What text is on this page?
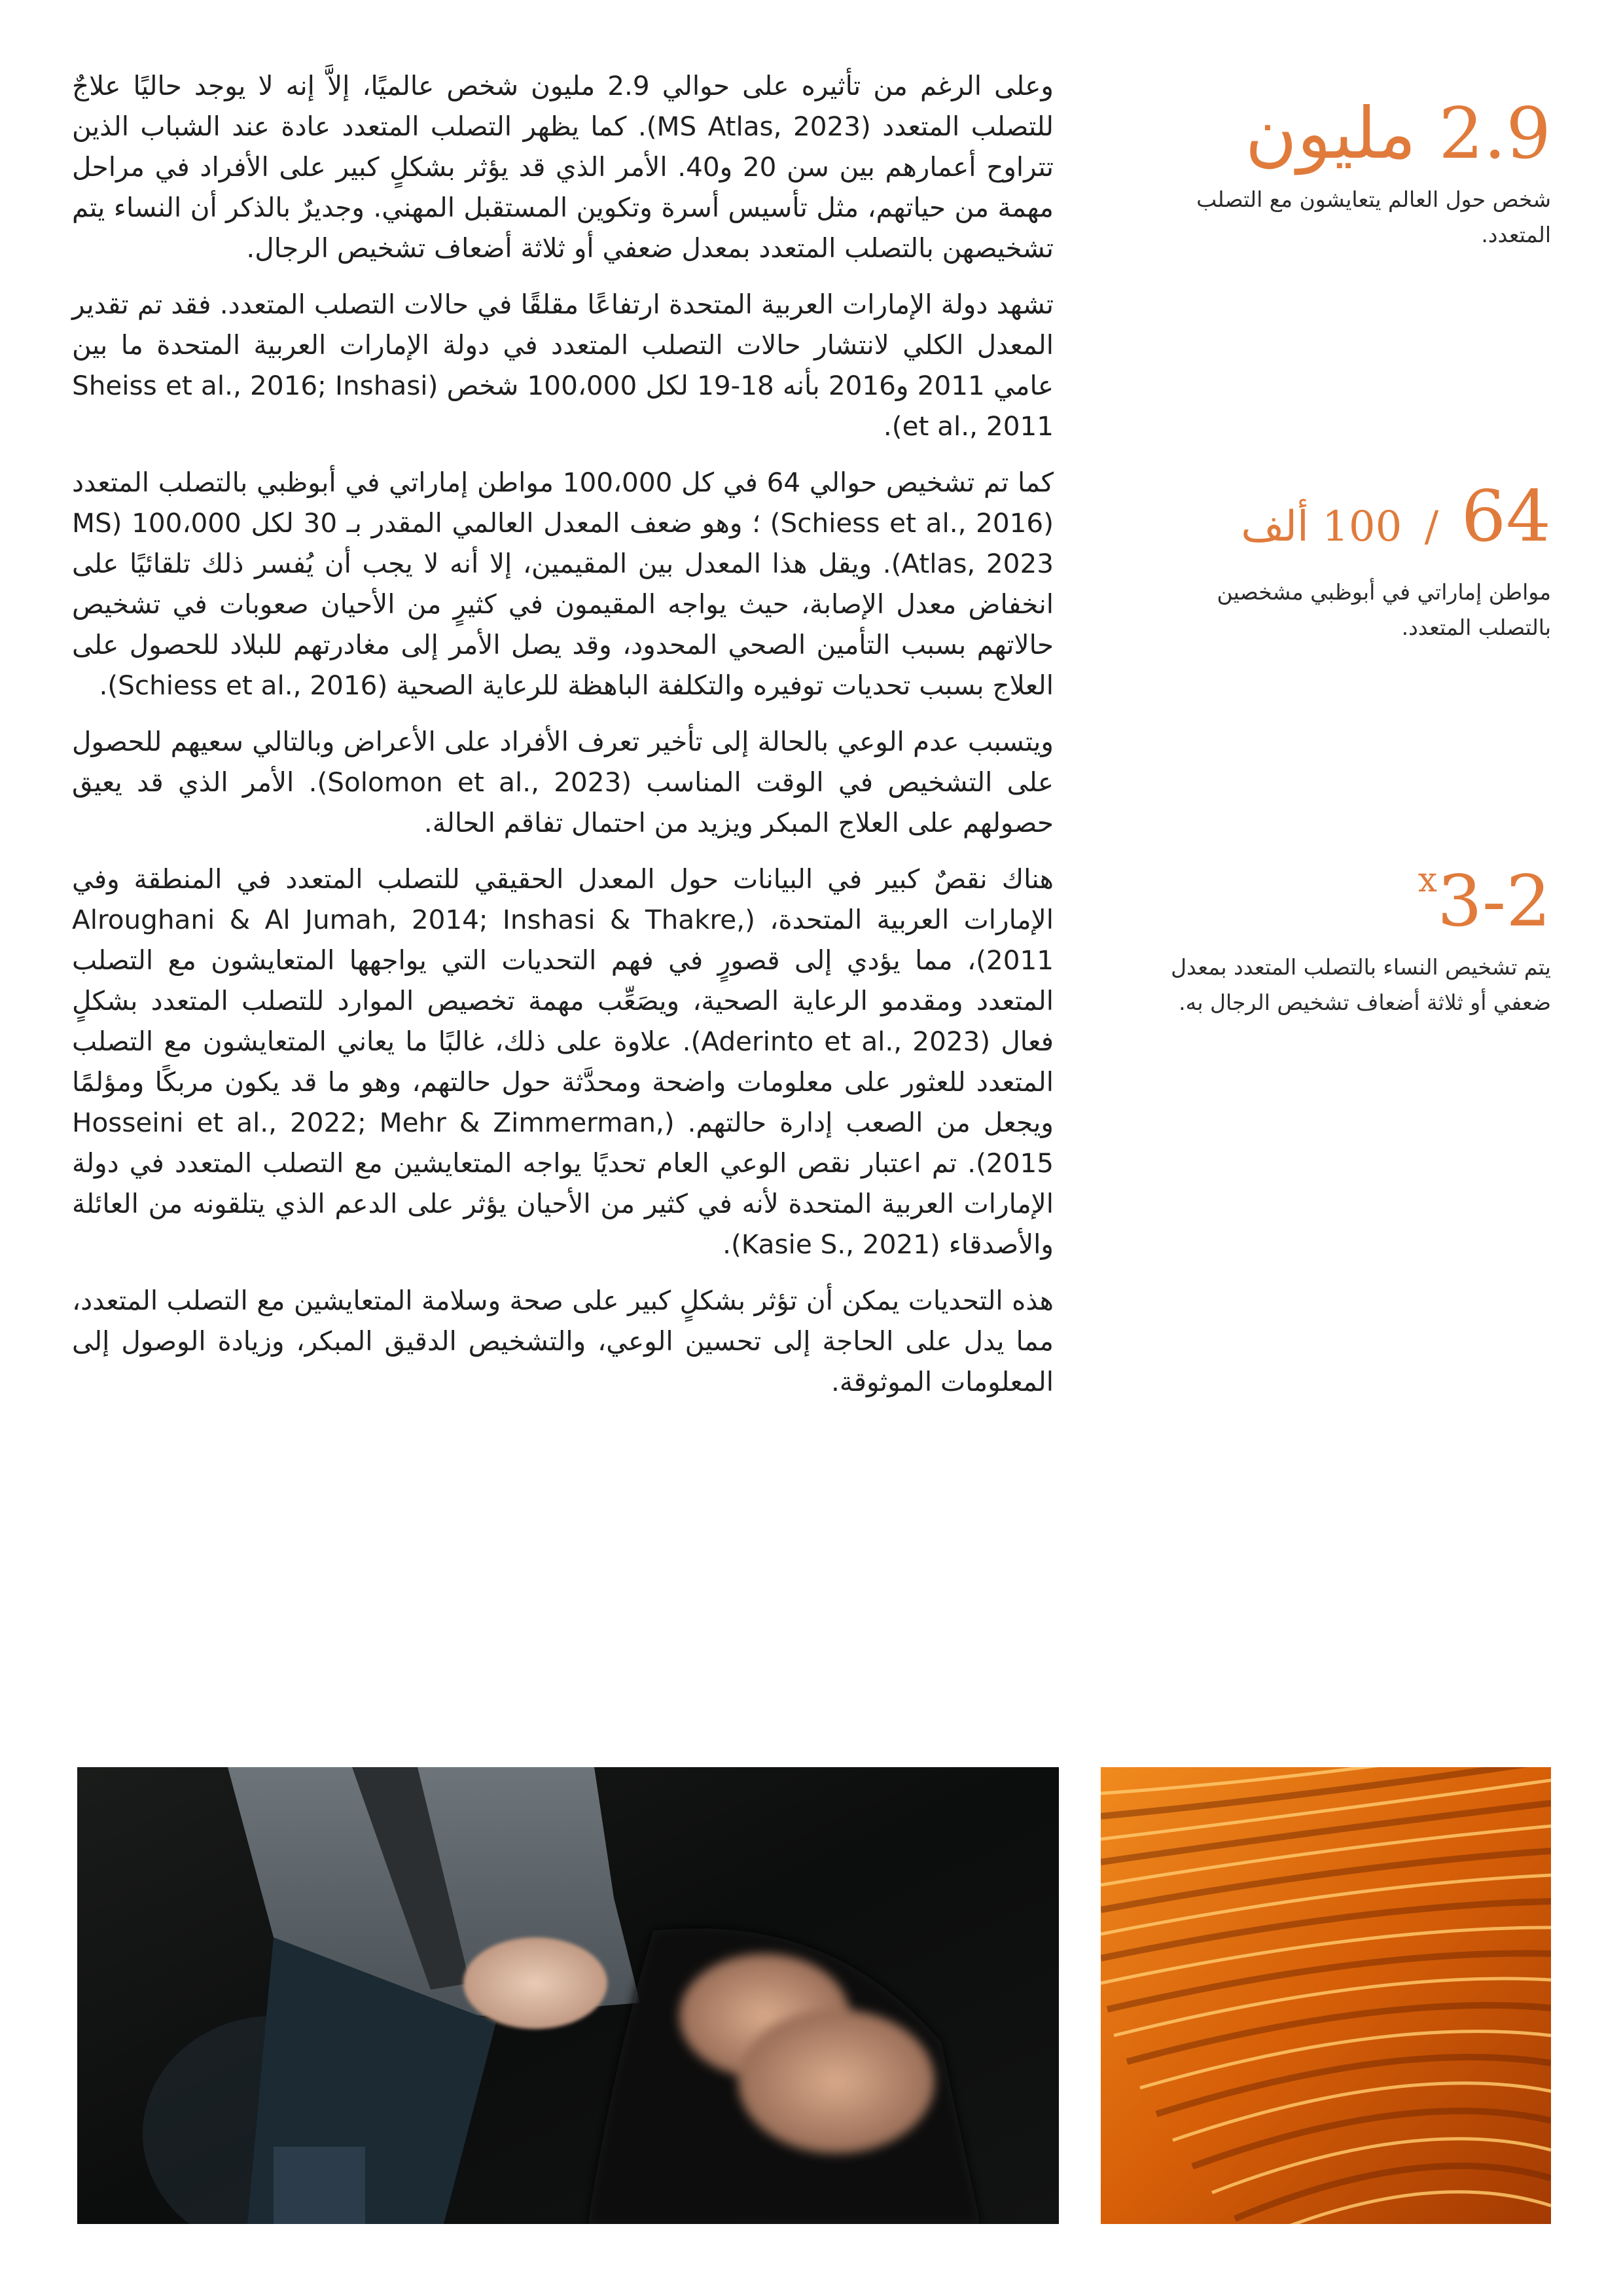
وعلى الرغم من تأثيره على حوالي 2.9 مليون شخص عالميًا، إلاَّ إنه لا يوجد حاليًا علاجٌ للتصلب المتعدد (MS Atlas, 2023). كما يظهر التصلب المتعدد عادة عند الشباب الذين تتراوح أعمارهم بين سن 20 و40. الأمر الذي قد يؤثر بشكلٍ كبير على الأفراد في مراحل مهمة من حياتهم، مثل تأسيس أسرة وتكوين المستقبل المهني. وجديرٌ بالذكر أن النساء يتم تشخيصهن بالتصلب المتعدد بمعدل ضعفي أو ثلاثة أضعاف تشخيص الرجال.

تشهد دولة الإمارات العربية المتحدة ارتفاعًا مقلقًا في حالات التصلب المتعدد. فقد تم تقدير المعدل الكلي لانتشار حالات التصلب المتعدد في دولة الإمارات العربية المتحدة ما بين عامي 2011 و2016 بأنه 18-19 لكل 100،000 شخص (Sheiss et al., 2016; Inshasi et al., 2011).

كما تم تشخيص حوالي 64 في كل 100،000 مواطن إماراتي في أبوظبي بالتصلب المتعدد (Schiess et al., 2016) ؛ وهو ضعف المعدل العالمي المقدر بـ 30 لكل 100،000 (MS Atlas, 2023). ويقل هذا المعدل بين المقيمين، إلا أنه لا يجب أن يُفسر ذلك تلقائيًا على انخفاض معدل الإصابة، حيث يواجه المقيمون في كثيرٍ من الأحيان صعوبات في تشخيص حالاتهم بسبب التأمين الصحي المحدود، وقد يصل الأمر إلى مغادرتهم للبلاد للحصول على العلاج بسبب تحديات توفيره والتكلفة الباهظة للرعاية الصحية (Schiess et al., 2016).

ويتسبب عدم الوعي بالحالة إلى تأخير تعرف الأفراد على الأعراض وبالتالي سعيهم للحصول على التشخيص في الوقت المناسب (Solomon et al., 2023). الأمر الذي قد يعيق حصولهم على العلاج المبكر ويزيد من احتمال تفاقم الحالة.

هناك نقصٌ كبير في البيانات حول المعدل الحقيقي للتصلب المتعدد في المنطقة وفي الإمارات العربية المتحدة، (Alroughani & Al Jumah, 2014; Inshasi & Thakre, 2011)، مما يؤدي إلى قصورٍ في فهم التحديات التي يواجهها المتعايشون مع التصلب المتعدد ومقدمو الرعاية الصحية، ويصَعِّب مهمة تخصيص الموارد للتصلب المتعدد بشكلٍ فعال (Aderinto et al., 2023). علاوة على ذلك، غالبًا ما يعاني المتعايشون مع التصلب المتعدد للعثور على معلومات واضحة ومحدَّثة حول حالتهم، وهو ما قد يكون مربكًا ومؤلمًا ويجعل من الصعب إدارة حالتهم. (Hosseini et al., 2022; Mehr & Zimmerman, 2015). تم اعتبار نقص الوعي العام تحديًا يواجه المتعايشين مع التصلب المتعدد في دولة الإمارات العربية المتحدة لأنه في كثير من الأحيان يؤثر على الدعم الذي يتلقونه من العائلة والأصدقاء (Kasie S., 2021).

هذه التحديات يمكن أن تؤثر بشكلٍ كبير على صحة وسلامة المتعايشين مع التصلب المتعدد، مما يدل على الحاجة إلى تحسين الوعي، والتشخيص الدقيق المبكر، وزيادة الوصول إلى المعلومات الموثوقة.

2.9 مليون
شخص حول العالم يتعايشون مع التصلب المتعدد.
64 / 100 ألف
مواطن إماراتي في أبوظبي مشخصين بالتصلب المتعدد.
$^x$3-2
يتم تشخيص النساء بالتصلب المتعدد بمعدل ضعفي أو ثلاثة أضعاف تشخيص الرجال به.
